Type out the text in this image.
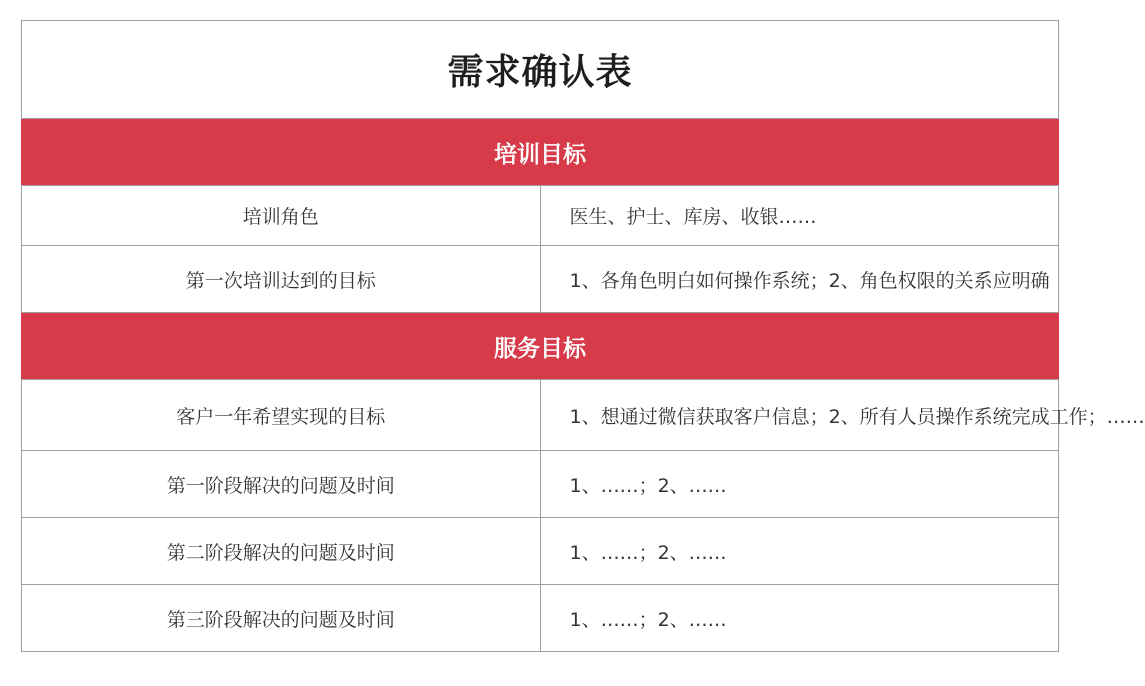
需求确认表	
培训目标	
培训角色	医生、护士、库房、收银……
第一次培训达到的目标	1、各角色明白如何操作系统；2、角色权限的关系应明确
服务目标	
客户一年希望实现的目标	1、想通过微信获取客户信息；2、所有人员操作系统完成工作；……
第一阶段解决的问题及时间	1、……；2、……
第二阶段解决的问题及时间	1、……；2、……
第三阶段解决的问题及时间	1、……；2、……
